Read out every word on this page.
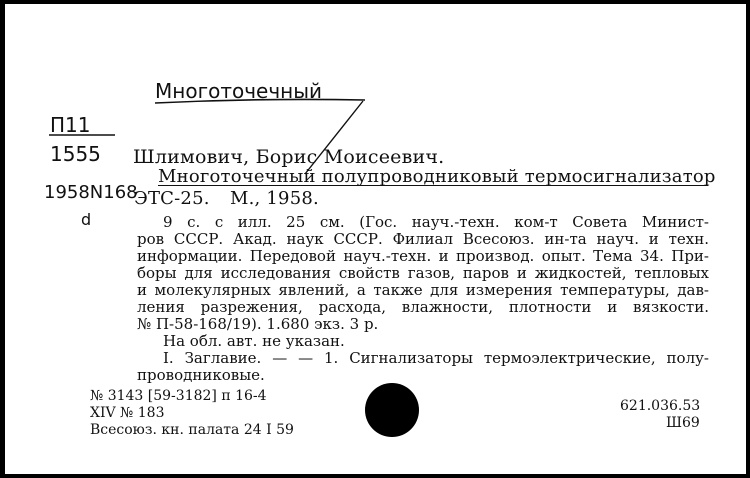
Многоточечный
П11
1555
1958N168
d
Шлимович, Борис Моисеевич.
Многоточечный полупроводниковый термосигнализатор
ЭТС-25. М., 1958.
9 с. с илл. 25 см. (Гос. науч.-техн. ком-т Совета Минист-
ров СССР. Акад. наук СССР. Филиал Всесоюз. ин-та науч. и техн.
информации. Передовой науч.-техн. и производ. опыт. Тема 34. При-
боры для исследования свойств газов, паров и жидкостей, тепловых
и молекулярных явлений, а также для измерения температуры, дав-
ления разрежения, расхода, влажности, плотности и вязкости.
№ П-58-168/19). 1.680 экз. 3 р.
На обл. авт. не указан.
I. Заглавие. — — 1. Сигнализаторы термоэлектрические, полу-
проводниковые.
№ 3143 [59-3182] п 16-4
XIV № 183
Всесоюз. кн. палата 24 I 59
621.036.53
Ш69
